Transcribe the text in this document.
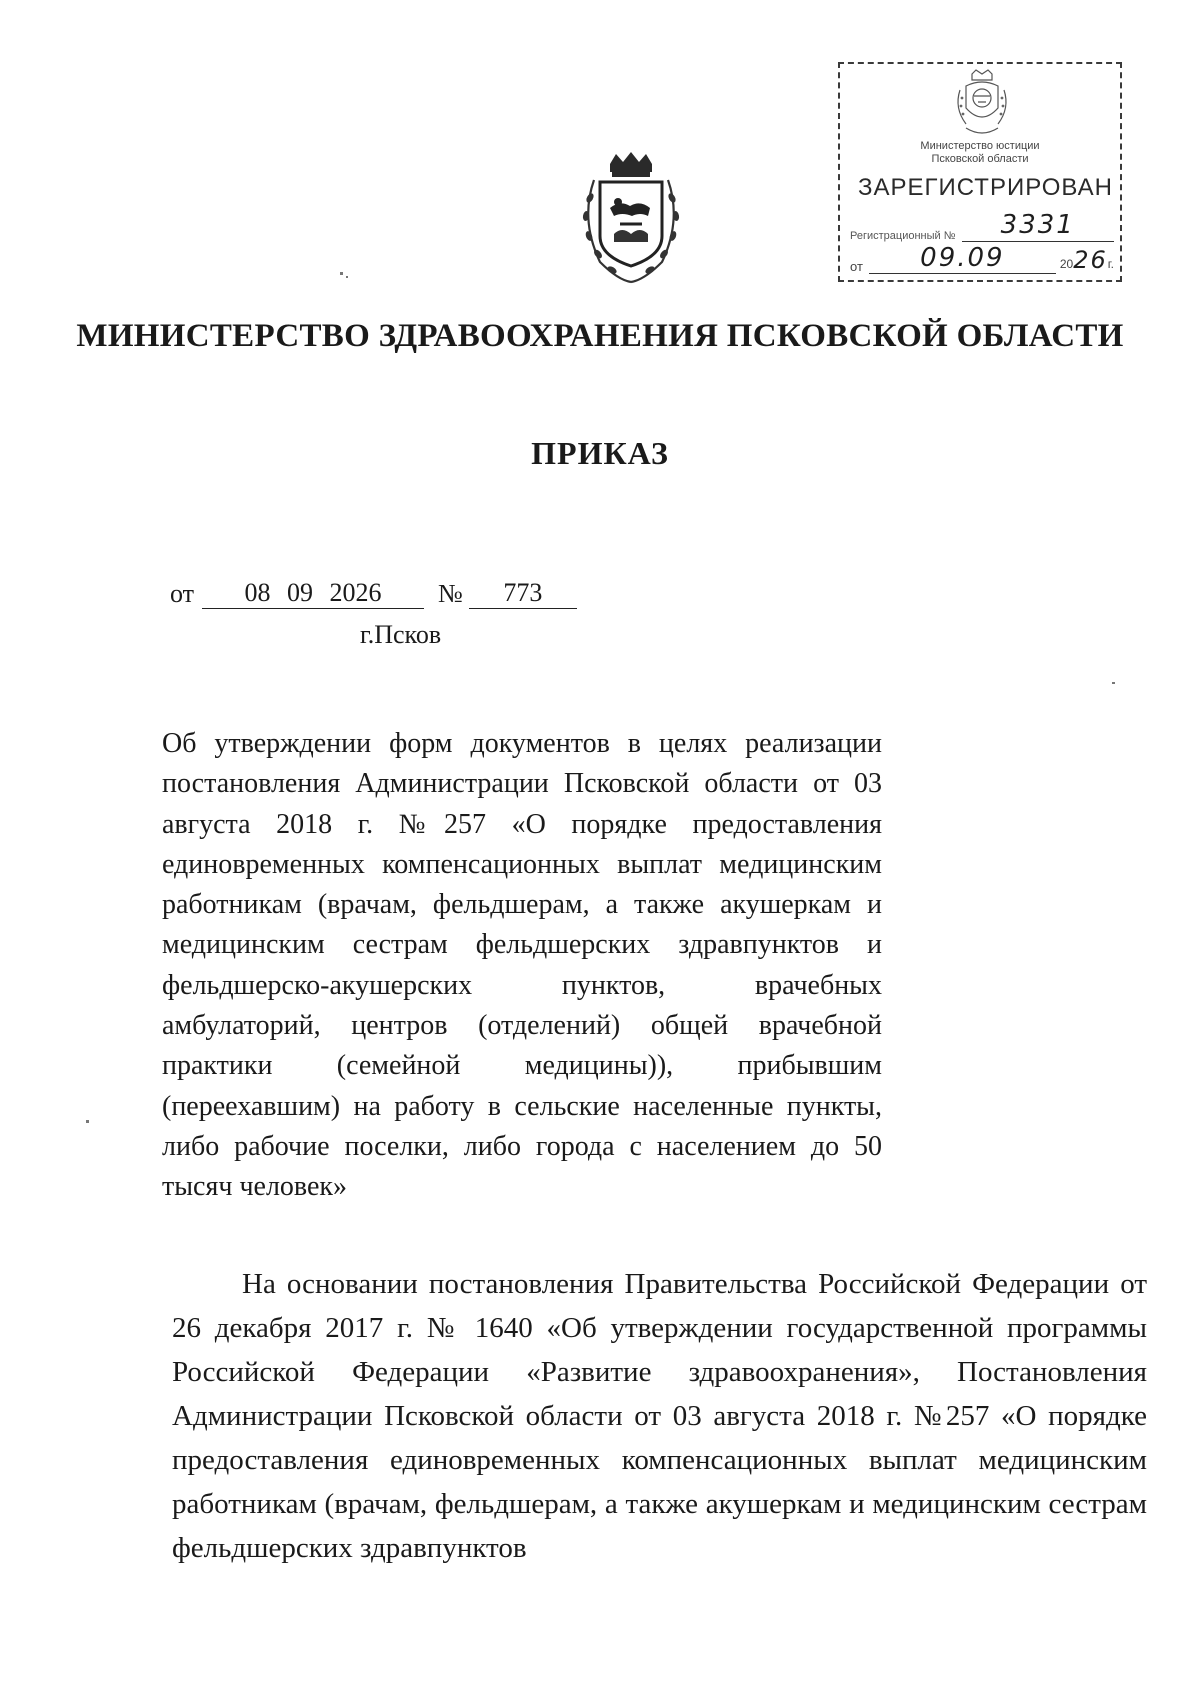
Министерство юстиции
Псковской области
ЗАРЕГИСТРИРОВАН
Регистрационный №	3331
от	09.09	2026г.
МИНИСТЕРСТВО ЗДРАВООХРАНЕНИЯ ПСКОВСКОЙ ОБЛАСТИ
ПРИКАЗ
от	08 09 2026	№	773
г.Псков
Об утверждении форм документов в целях реализации постановления Администрации Псковской области от 03 августа 2018 г. №257 «О порядке предоставления единовременных компенсационных выплат медицинским работникам (врачам, фельдшерам, а также акушеркам и медицинским сестрам фельдшерских здравпунктов и фельдшерско-акушерских пунктов, врачебных амбулаторий, центров (отделений) общей врачебной практики (семейной медицины)), прибывшим (переехавшим) на работу в сельские населенные пункты, либо рабочие поселки, либо города с населением до 50 тысяч человек»
На основании постановления Правительства Российской Федерации от 26 декабря 2017 г. № 1640 «Об утверждении государственной программы Российской Федерации «Развитие здравоохранения», Постановления Администрации Псковской области от 03 августа 2018 г. №257 «О порядке предоставления единовременных компенсационных выплат медицинским работникам (врачам, фельдшерам, а также акушеркам и медицинским сестрам фельдшерских здравпунктов
